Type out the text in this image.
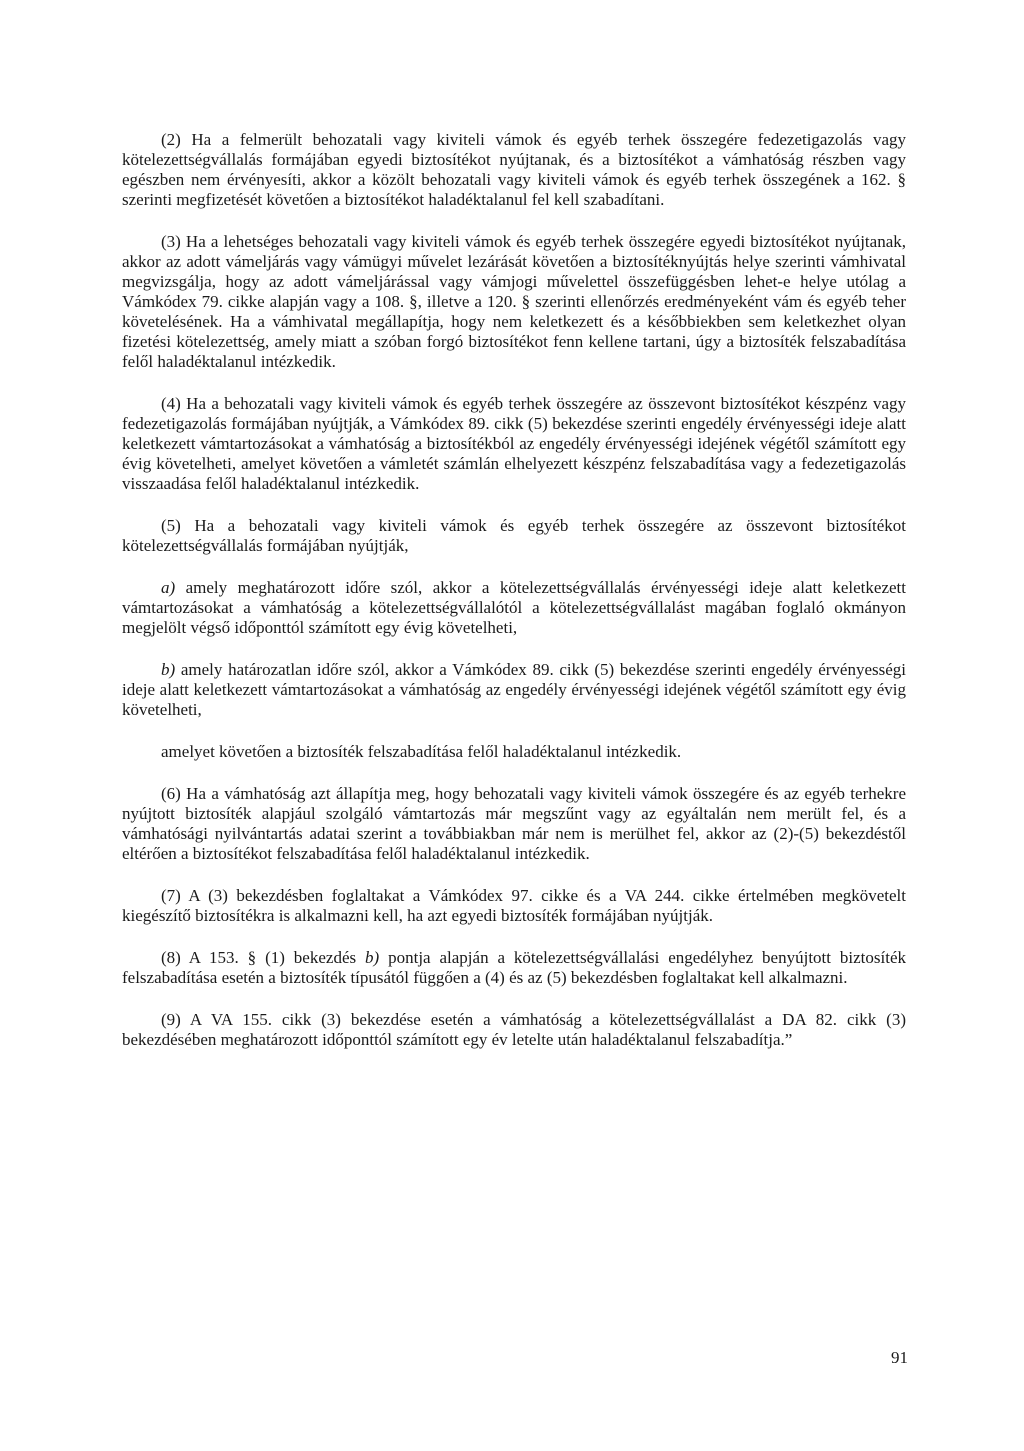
(2) Ha a felmerült behozatali vagy kiviteli vámok és egyéb terhek összegére fedezetigazolás vagy kötelezettségvállalás formájában egyedi biztosítékot nyújtanak, és a biztosítékot a vámhatóság részben vagy egészben nem érvényesíti, akkor a közölt behozatali vagy kiviteli vámok és egyéb terhek összegének a 162. § szerinti megfizetését követően a biztosítékot haladéktalanul fel kell szabadítani.

(3) Ha a lehetséges behozatali vagy kiviteli vámok és egyéb terhek összegére egyedi biztosítékot nyújtanak, akkor az adott vámeljárás vagy vámügyi művelet lezárását követően a biztosítéknyújtás helye szerinti vámhivatal megvizsgálja, hogy az adott vámeljárással vagy vámjogi művelettel összefüggésben lehet-e helye utólag a Vámkódex 79. cikke alapján vagy a 108. §, illetve a 120. § szerinti ellenőrzés eredményeként vám és egyéb teher követelésének. Ha a vámhivatal megállapítja, hogy nem keletkezett és a későbbiekben sem keletkezhet olyan fizetési kötelezettség, amely miatt a szóban forgó biztosítékot fenn kellene tartani, úgy a biztosíték felszabadítása felől haladéktalanul intézkedik.

(4) Ha a behozatali vagy kiviteli vámok és egyéb terhek összegére az összevont biztosítékot készpénz vagy fedezetigazolás formájában nyújtják, a Vámkódex 89. cikk (5) bekezdése szerinti engedély érvényességi ideje alatt keletkezett vámtartozásokat a vámhatóság a biztosítékból az engedély érvényességi idejének végétől számított egy évig követelheti, amelyet követően a vámletét számlán elhelyezett készpénz felszabadítása vagy a fedezetigazolás visszaadása felől haladéktalanul intézkedik.

(5) Ha a behozatali vagy kiviteli vámok és egyéb terhek összegére az összevont biztosítékot kötelezettségvállalás formájában nyújtják,

a) amely meghatározott időre szól, akkor a kötelezettségvállalás érvényességi ideje alatt keletkezett vámtartozásokat a vámhatóság a kötelezettségvállalótól a kötelezettségvállalást magában foglaló okmányon megjelölt végső időponttól számított egy évig követelheti,

b) amely határozatlan időre szól, akkor a Vámkódex 89. cikk (5) bekezdése szerinti engedély érvényességi ideje alatt keletkezett vámtartozásokat a vámhatóság az engedély érvényességi idejének végétől számított egy évig követelheti,

amelyet követően a biztosíték felszabadítása felől haladéktalanul intézkedik.

(6) Ha a vámhatóság azt állapítja meg, hogy behozatali vagy kiviteli vámok összegére és az egyéb terhekre nyújtott biztosíték alapjául szolgáló vámtartozás már megszűnt vagy az egyáltalán nem merült fel, és a vámhatósági nyilvántartás adatai szerint a továbbiakban már nem is merülhet fel, akkor az (2)-(5) bekezdéstől eltérően a biztosítékot felszabadítása felől haladéktalanul intézkedik.

(7) A (3) bekezdésben foglaltakat a Vámkódex 97. cikke és a VA 244. cikke értelmében megkövetelt kiegészítő biztosítékra is alkalmazni kell, ha azt egyedi biztosíték formájában nyújtják.

(8) A 153. § (1) bekezdés b) pontja alapján a kötelezettségvállalási engedélyhez benyújtott biztosíték felszabadítása esetén a biztosíték típusától függően a (4) és az (5) bekezdésben foglaltakat kell alkalmazni.

(9) A VA 155. cikk (3) bekezdése esetén a vámhatóság a kötelezettségvállalást a DA 82. cikk (3) bekezdésében meghatározott időponttól számított egy év letelte után haladéktalanul felszabadítja.”

91
